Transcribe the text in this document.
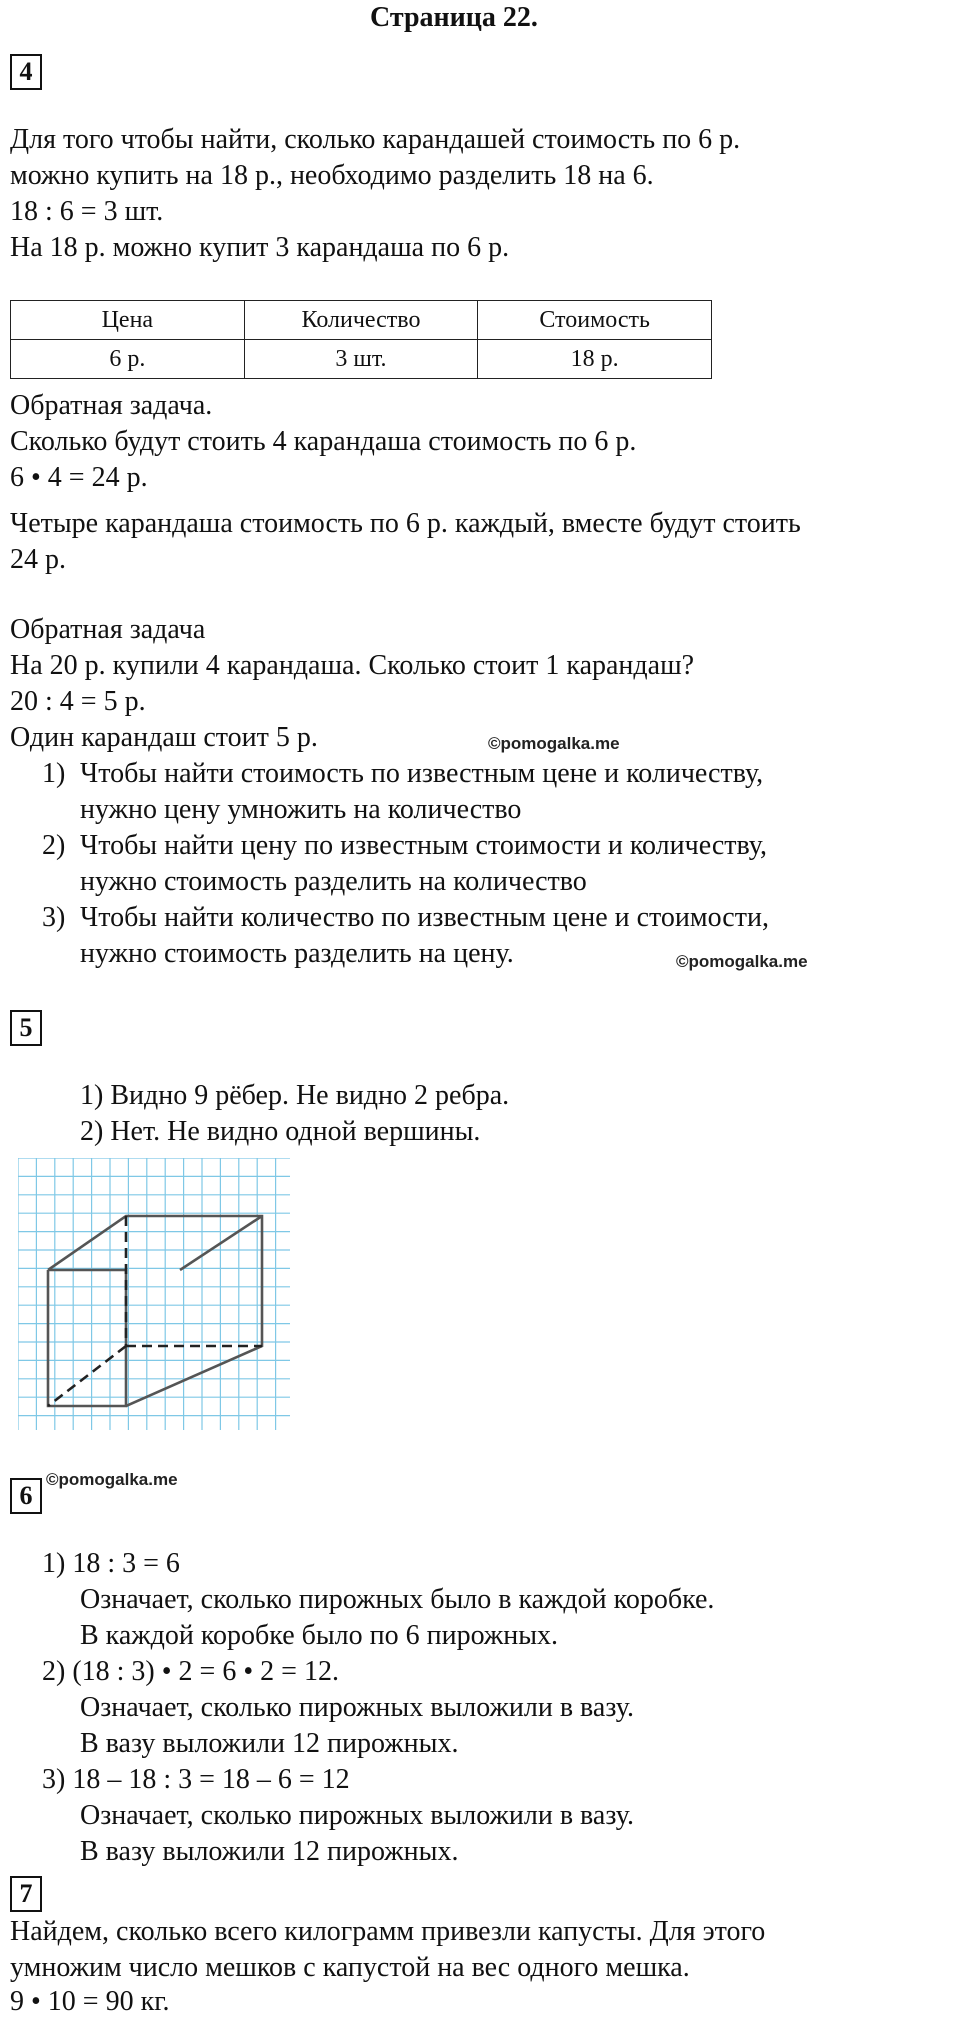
Страница 22.
4
Для того чтобы найти, сколько карандашей стоимость по 6 р.
можно купить на 18 р., необходимо разделить 18 на 6.
18 : 6 = 3 шт.
На 18 р. можно купит 3 карандаша по 6 р.
Цена	Количество	Стоимость
6 р.	3 шт.	18 р.
Обратная задача.
Сколько будут стоить 4 карандаша стоимость по 6 р.
6 • 4 = 24 р.
Четыре карандаша стоимость по 6 р. каждый, вместе будут стоить
24 р.
Обратная задача
На 20 р. купили 4 карандаша. Сколько стоит 1 карандаш?
20 : 4 = 5 р.
Один карандаш стоит 5 р.	©pomogalka.me
1) Чтобы найти стоимость по известным цене и количеству,
нужно цену умножить на количество
2) Чтобы найти цену по известным стоимости и количеству,
нужно стоимость разделить на количество
3) Чтобы найти количество по известным цене и стоимости,
нужно стоимость разделить на цену.	©pomogalka.me
5
1) Видно 9 рёбер. Не видно 2 ребра.
2) Нет. Не видно одной вершины.
6
©pomogalka.me
1) 18 : 3 = 6
Означает, сколько пирожных было в каждой коробке.
В каждой коробке было по 6 пирожных.
2) (18 : 3) • 2 = 6 • 2 = 12.
Означает, сколько пирожных выложили в вазу.
В вазу выложили 12 пирожных.
3) 18 – 18 : 3 = 18 – 6 = 12
Означает, сколько пирожных выложили в вазу.
В вазу выложили 12 пирожных.
7
Найдем, сколько всего килограмм привезли капусты. Для этого
умножим число мешков с капустой на вес одного мешка.
9 • 10 = 90 кг.
